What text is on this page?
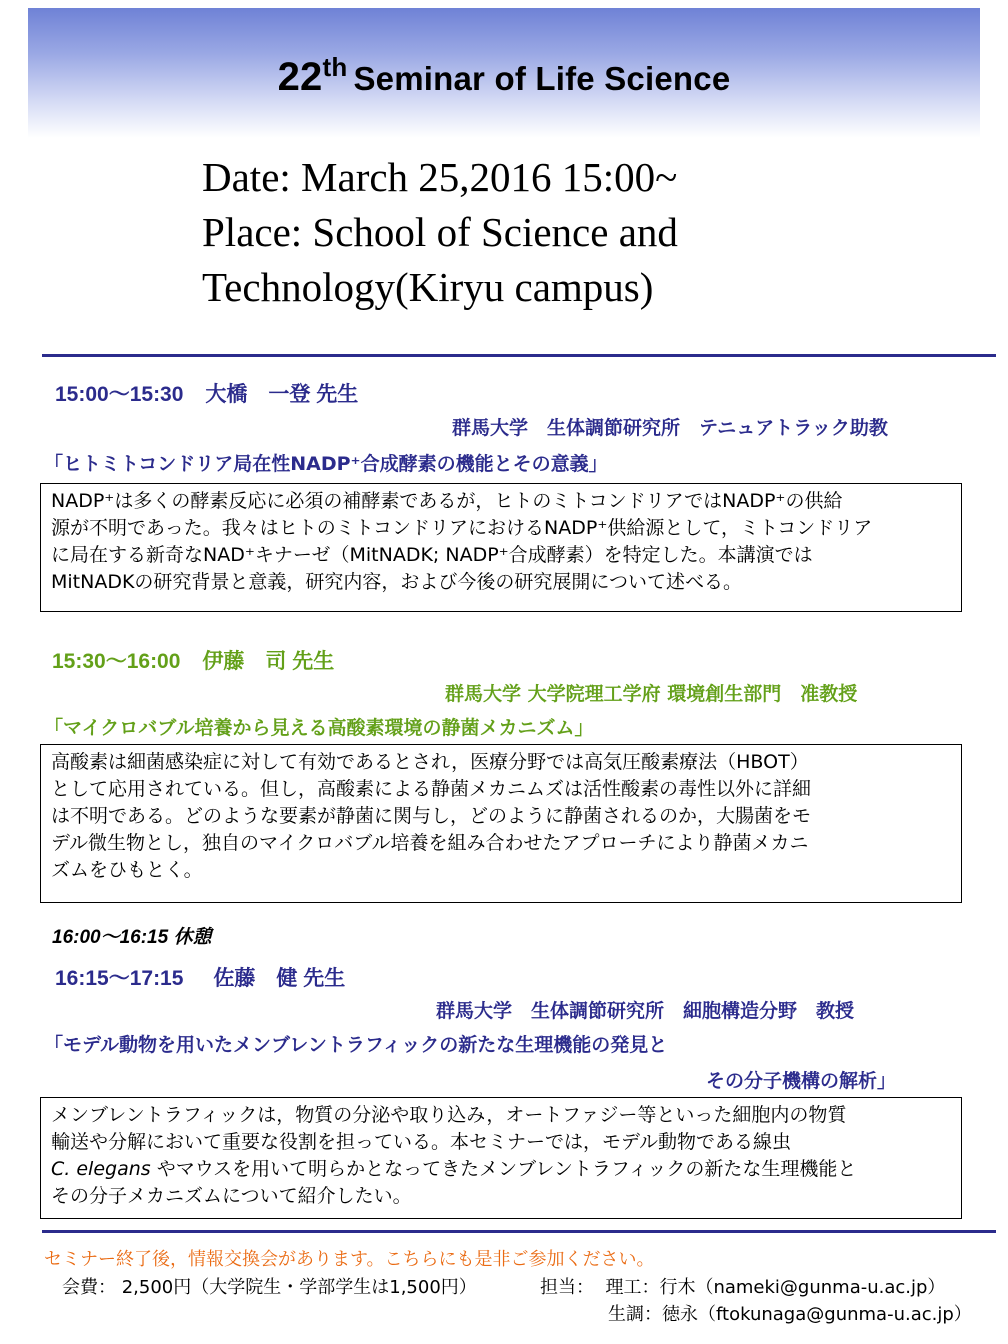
22th Seminar of Life Science
Date: March 25,2016 15:00~
Place: School of Science and
Technology(Kiryu campus)
15:00～15:30 大橋　一登 先生
群馬大学　生体調節研究所　テニュアトラック助教
「ヒトミトコンドリア局在性NADP⁺合成酵素の機能とその意義」
NADP⁺は多くの酵素反応に必須の補酵素であるが，ヒトのミトコンドリアではNADP⁺の供給
源が不明であった。我々はヒトのミトコンドリアにおけるNADP⁺供給源として，ミトコンドリア
に局在する新奇なNAD⁺キナーゼ（MitNADK; NADP⁺合成酵素）を特定した。本講演では
MitNADKの研究背景と意義，研究内容，および今後の研究展開について述べる。
15:30～16:00 伊藤　司 先生
群馬大学 大学院理工学府 環境創生部門　准教授
「マイクロバブル培養から見える高酸素環境の静菌メカニズム」
高酸素は細菌感染症に対して有効であるとされ，医療分野では高気圧酸素療法（HBOT）
として応用されている。但し，高酸素による静菌メカニムズは活性酸素の毒性以外に詳細
は不明である。どのような要素が静菌に関与し，どのように静菌されるのか，大腸菌をモ
デル微生物とし，独自のマイクロバブル培養を組み合わせたアプローチにより静菌メカニ
ズムをひもとく。
16:00～16:15 休憩
16:15～17:15 佐藤　健 先生
群馬大学　生体調節研究所　細胞構造分野　教授
「モデル動物を用いたメンブレントラフィックの新たな生理機能の発見と
その分子機構の解析」
メンブレントラフィックは，物質の分泌や取り込み，オートファジー等といった細胞内の物質
輸送や分解において重要な役割を担っている。本セミナーでは，モデル動物である線虫
C. elegans やマウスを用いて明らかとなってきたメンブレントラフィックの新たな生理機能と
その分子メカニズムについて紹介したい。
セミナー終了後，情報交換会があります。こちらにも是非ご参加ください。
会費： 2,500円（大学院生・学部学生は1,500円）	担当： 理工：行木（nameki@gunma-u.ac.jp）
生調：徳永（ftokunaga@gunma-u.ac.jp）
